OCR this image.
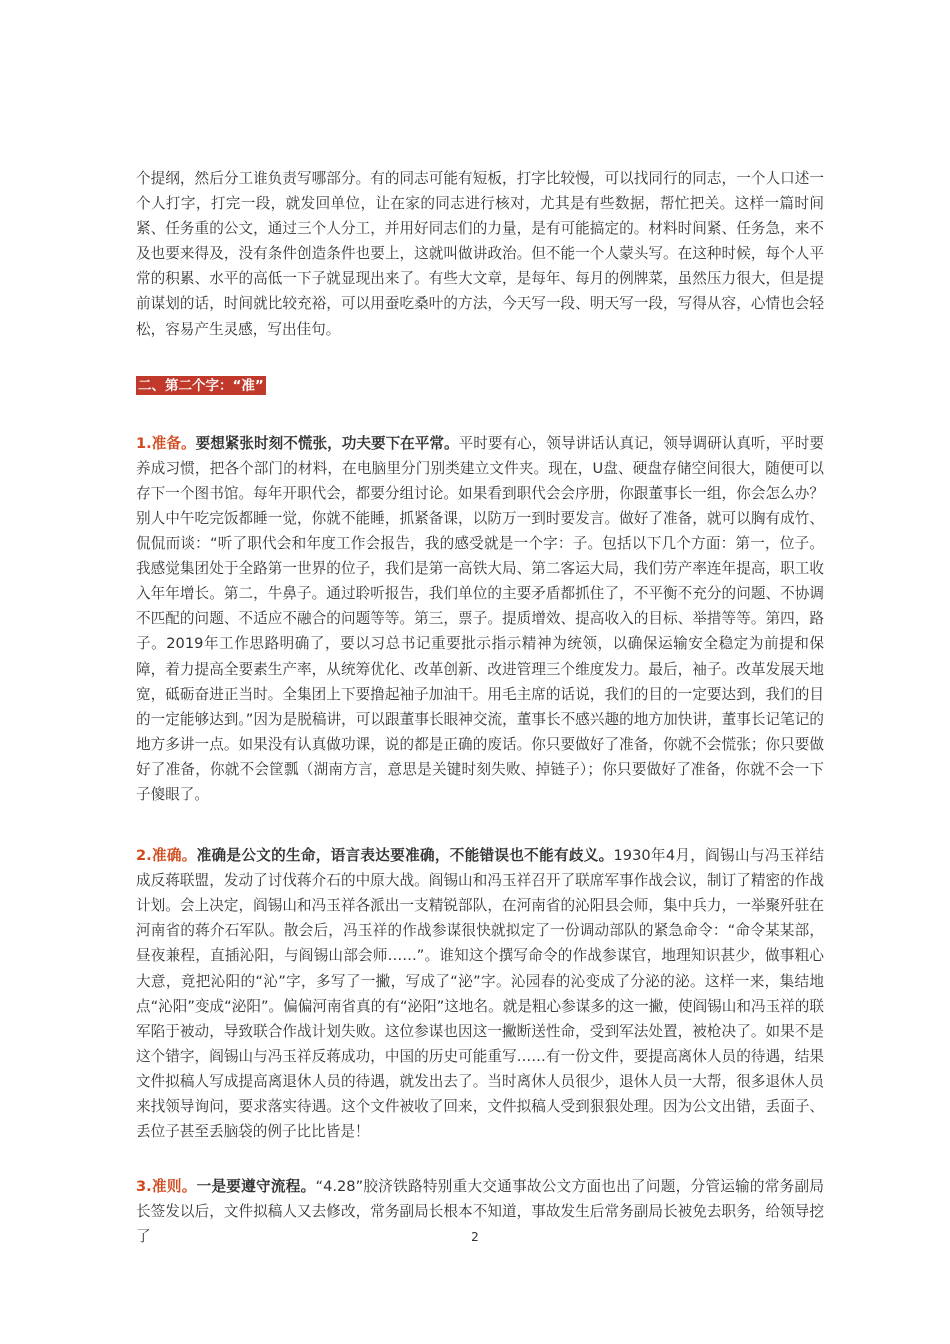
个提纲，然后分工谁负责写哪部分。有的同志可能有短板，打字比较慢，可以找同行的同志，一个人口述一个人打字，打完一段，就发回单位，让在家的同志进行核对，尤其是有些数据，帮忙把关。这样一篇时间紧、任务重的公文，通过三个人分工，并用好同志们的力量，是有可能搞定的。材料时间紧、任务急，来不及也要来得及，没有条件创造条件也要上，这就叫做讲政治。但不能一个人蒙头写。在这种时候，每个人平常的积累、水平的高低一下子就显现出来了。有些大文章，是每年、每月的例牌菜，虽然压力很大，但是提前谋划的话，时间就比较充裕，可以用蚕吃桑叶的方法，今天写一段、明天写一段，写得从容，心情也会轻松，容易产生灵感，写出佳句。

二、第二个字：“准”

1.准备。要想紧张时刻不慌张，功夫要下在平常。平时要有心，领导讲话认真记，领导调研认真听，平时要养成习惯，把各个部门的材料，在电脑里分门别类建立文件夹。现在，U盘、硬盘存储空间很大，随便可以存下一个图书馆。每年开职代会，都要分组讨论。如果看到职代会会序册，你跟董事长一组，你会怎么办？别人中午吃完饭都睡一觉，你就不能睡，抓紧备课，以防万一到时要发言。做好了准备，就可以胸有成竹、侃侃而谈：“听了职代会和年度工作会报告，我的感受就是一个字：子。包括以下几个方面：第一，位子。我感觉集团处于全路第一世界的位子，我们是第一高铁大局、第二客运大局，我们劳产率连年提高，职工收入年年增长。第二，牛鼻子。通过聆听报告，我们单位的主要矛盾都抓住了，不平衡不充分的问题、不协调不匹配的问题、不适应不融合的问题等等。第三，票子。提质增效、提高收入的目标、举措等等。第四，路子。2019年工作思路明确了，要以习总书记重要批示指示精神为统领，以确保运输安全稳定为前提和保障，着力提高全要素生产率，从统筹优化、改革创新、改进管理三个维度发力。最后，袖子。改革发展天地宽，砥砺奋进正当时。全集团上下要撸起袖子加油干。用毛主席的话说，我们的目的一定要达到，我们的目的一定能够达到。”因为是脱稿讲，可以跟董事长眼神交流，董事长不感兴趣的地方加快讲，董事长记笔记的地方多讲一点。如果没有认真做功课，说的都是正确的废话。你只要做好了准备，你就不会慌张；你只要做好了准备，你就不会筐瓢（湖南方言，意思是关键时刻失败、掉链子）；你只要做好了准备，你就不会一下子傻眼了。

2.准确。准确是公文的生命，语言表达要准确，不能错误也不能有歧义。1930年4月，阎锡山与冯玉祥结成反蒋联盟，发动了讨伐蒋介石的中原大战。阎锡山和冯玉祥召开了联席军事作战会议，制订了精密的作战计划。会上决定，阎锡山和冯玉祥各派出一支精锐部队，在河南省的沁阳县会师，集中兵力，一举聚歼驻在河南省的蒋介石军队。散会后，冯玉祥的作战参谋很快就拟定了一份调动部队的紧急命令：“命令某某部，昼夜兼程，直插沁阳，与阎锡山部会师……”。谁知这个撰写命令的作战参谋官，地理知识甚少，做事粗心大意，竟把沁阳的“沁”字，多写了一撇，写成了“泌”字。沁园春的沁变成了分泌的泌。这样一来，集结地点“沁阳”变成“泌阳”。偏偏河南省真的有“泌阳”这地名。就是粗心参谋多的这一撇，使阎锡山和冯玉祥的联军陷于被动，导致联合作战计划失败。这位参谋也因这一撇断送性命，受到军法处置，被枪决了。如果不是这个错字，阎锡山与冯玉祥反蒋成功，中国的历史可能重写……有一份文件，要提高离休人员的待遇，结果文件拟稿人写成提高离退休人员的待遇，就发出去了。当时离休人员很少，退休人员一大帮，很多退休人员来找领导询问，要求落实待遇。这个文件被收了回来，文件拟稿人受到狠狠处理。因为公文出错，丢面子、丢位子甚至丢脑袋的例子比比皆是！

3.准则。一是要遵守流程。“4.28”胶济铁路特别重大交通事故公文方面也出了问题，分管运输的常务副局长签发以后，文件拟稿人又去修改，常务副局长根本不知道，事故发生后常务副局长被免去职务，给领导挖了	2
